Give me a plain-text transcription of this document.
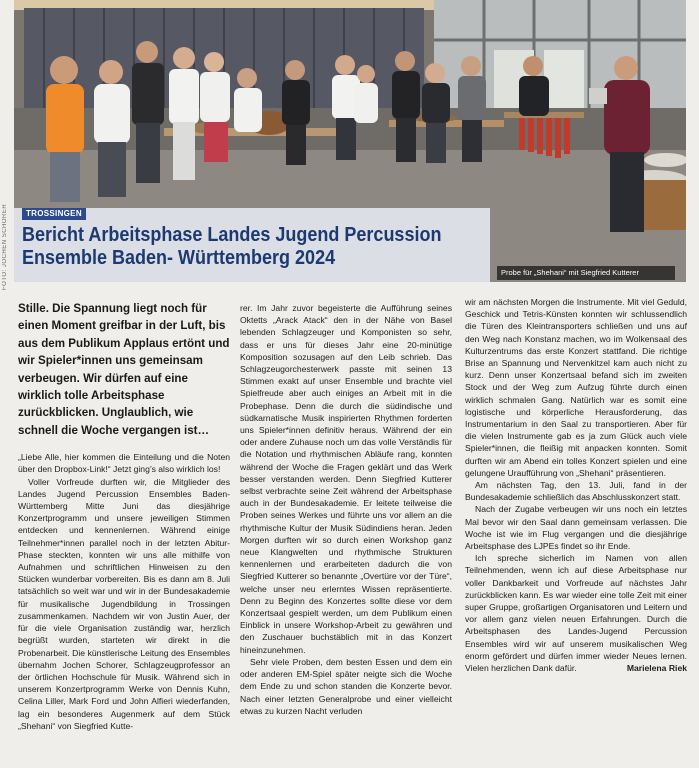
FOTO: JOCHEN SCHORER	TROSSINGEN
Bericht Arbeitsphase Landes Jugend Percussion
Ensemble Baden- Württemberg 2024
Probe für „Shehani“ mit Siegfried Kutterer

Stille. Die Spannung liegt noch für einen Moment greifbar in der Luft, bis aus dem Publikum Applaus ertönt und wir Spieler*innen uns gemeinsam verbeugen. Wir dürfen auf eine wirklich tolle Arbeitsphase zurückblicken. Unglaublich, wie schnell die Woche vergangen ist…

„Liebe Alle, hier kommen die Einteilung und die Noten über den Dropbox-Link!“ Jetzt ging’s also wirklich los!

Voller Vorfreude durften wir, die Mitglieder des Landes Jugend Percussion Ensembles Baden-Württemberg Mitte Juni das diesjährige Konzertprogramm und unsere jeweiligen Stimmen entdecken und kennenlernen. Während einige Teilnehmer*innen parallel noch in der letzten Abitur-Phase steckten, konnten wir uns alle mithilfe von Aufnahmen und schriftlichen Hinweisen zu den Stücken wunderbar vorbereiten. Bis es dann am 8. Juli tatsächlich so weit war und wir in der Bundesakademie für musikalische Jugendbildung in Trossingen zusammenkamen. Nachdem wir von Justin Auer, der für die viele Organisation zuständig war, herzlich begrüßt wurden, starteten wir direkt in die Probenarbeit. Die künstlerische Leitung des Ensembles übernahm Jochen Schorer, Schlagzeugprofessor an der örtlichen Hochschule für Musik. Während sich in unserem Konzertprogramm Werke von Dennis Kuhn, Celina Liller, Mark Ford und John Alfieri wiederfanden, lag ein besonderes Augenmerk auf dem Stück „Shehani“ von Siegfried Kutte-

rer. Im Jahr zuvor begeisterte die Aufführung seines Oktetts „Arack Atack“ den in der Nähe von Basel lebenden Schlagzeuger und Komponisten so sehr, dass er uns für dieses Jahr eine 20-minütige Komposition sozusagen auf den Leib schrieb. Das Schlagzeugorchesterwerk passte mit seinen 13 Stimmen exakt auf unser Ensemble und brachte viel Spielfreude aber auch einiges an Arbeit mit in die Probephase. Denn die durch die südindische und südkarnatische Musik inspirierten Rhythmen forderten uns Spieler*innen definitiv heraus. Während der ein oder andere Zuhause noch um das volle Verständis für die Notation und rhythmischen Abläufe rang, konnten während der Woche die Fragen geklärt und das Werk besser verstanden werden. Denn Siegfried Kutterer selbst verbrachte seine Zeit während der Arbeitsphase auch in der Bundesakademie. Er leitete teilweise die Proben seines Werkes und führte uns vor allem an die rhythmische Kultur der Musik Südindiens heran. Jeden Morgen durften wir so durch einen Workshop ganz neue Klangwelten und rhythmische Strukturen kennenlernen und erarbeiteten dadurch die von Siegfried Kutterer so benannte „Overtüre vor der Türe“, welche unser neu erlerntes Wissen repräsentierte. Denn zu Beginn des Konzertes sollte diese vor dem Konzertsaal gespielt werden, um dem Publikum einen Einblick in unsere Workshop-Arbeit zu gewähren und den Zuschauer buchstäblich mit in das Konzert hineinzunehmen.

Sehr viele Proben, dem besten Essen und dem ein oder anderen EM-Spiel später neigte sich die Woche dem Ende zu und schon standen die Konzerte bevor. Nach einer letzten Generalprobe und einer vielleicht etwas zu kurzen Nacht verluden

wir am nächsten Morgen die Instrumente. Mit viel Geduld, Geschick und Tetris-Künsten konnten wir schlussendlich die Türen des Kleintransporters schließen und uns auf den Weg nach Konstanz machen, wo im Wolkensaal des Kulturzentrums das erste Konzert stattfand. Die richtige Brise an Spannung und Nervenkitzel kam auch nicht zu kurz. Denn unser Konzertsaal befand sich im zweiten Stock und der Weg zum Aufzug führte durch einen wirklich schmalen Gang. Natürlich war es somit eine logistische und körperliche Herausforderung, das Instrumentarium in den Saal zu transportieren. Aber für die vielen Instrumente gab es ja zum Glück auch viele Spieler*innen, die fleißig mit anpacken konnten. Somit durften wir am Abend ein tolles Konzert spielen und eine gelungene Uraufführung von „Shehani“ präsentieren.

Am nächsten Tag, den 13. Juli, fand in der Bundesakademie schließlich das Abschlusskonzert statt.

Nach der Zugabe verbeugen wir uns noch ein letztes Mal bevor wir den Saal dann gemeinsam verlassen. Die Woche ist wie im Flug vergangen und die diesjährige Arbeitsphase des LJPEs findet so ihr Ende.

Ich spreche sicherlich im Namen von allen Teilnehmenden, wenn ich auf diese Arbeitsphase nur voller Dankbarkeit und Vorfreude auf nächstes Jahr zurückblicken kann. Es war wieder eine tolle Zeit mit einer super Gruppe, großartigen Organisatoren und Leitern und vor allem ganz vielen neuen Erfahrungen. Durch die Arbeitsphasen des Landes-Jugend Percussion Ensembles wird wir auf unserem musikalischen Weg enorm gefördert und dürfen immer wieder Neues lernen. Vielen herzlichen Dank dafür.	Marielena Riek
